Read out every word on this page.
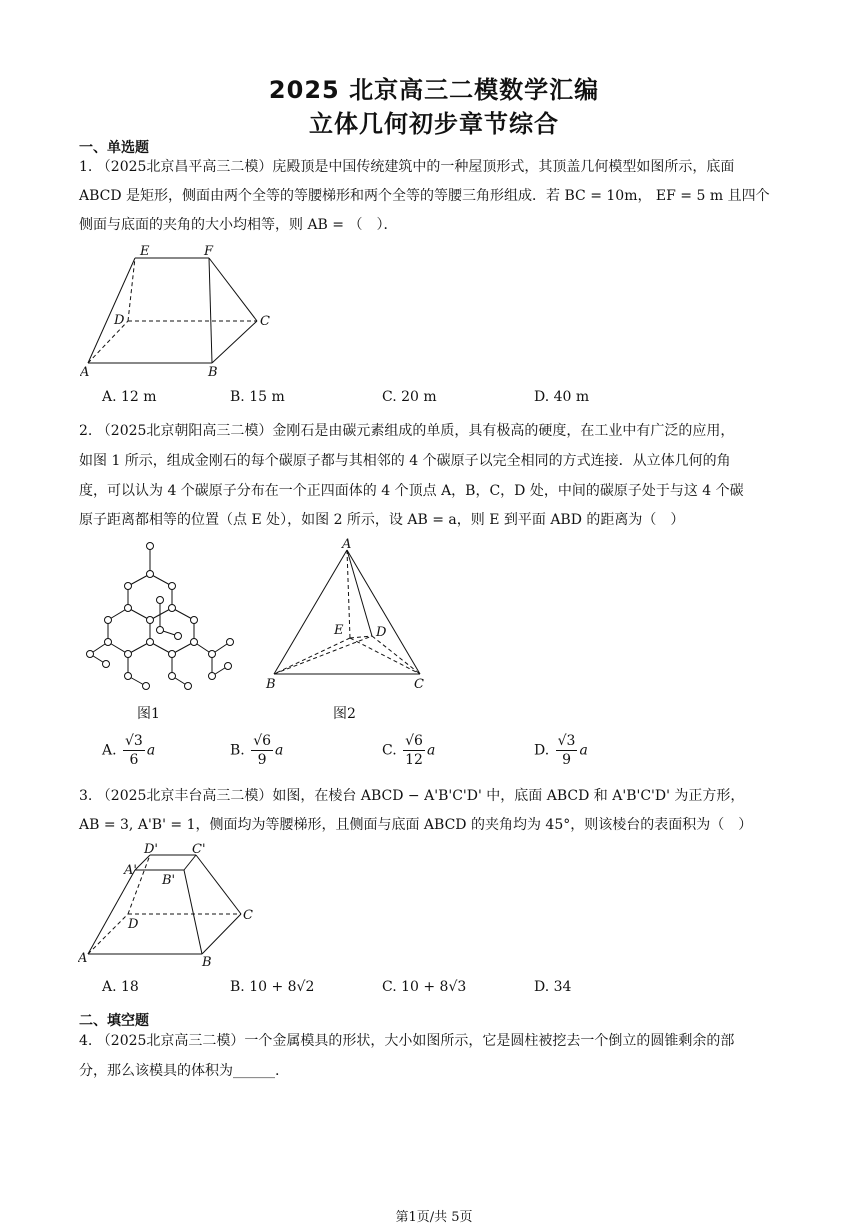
2025 北京高三二模数学汇编
立体几何初步章节综合
一、单选题
1. （2025北京昌平高三二模）庑殿顶是中国传统建筑中的一种屋顶形式，其顶盖几何模型如图所示，底面
ABCD 是矩形，侧面由两个全等的等腰梯形和两个全等的等腰三角形组成．若 BC = 10m， EF = 5 m 且四个
侧面与底面的夹角的大小均相等，则 AB = （　）．
E	F
D	C
A	B
A. 12 m	B. 15 m	C. 20 m	D. 40 m
2. （2025北京朝阳高三二模）金刚石是由碳元素组成的单质，具有极高的硬度，在工业中有广泛的应用，
如图 1 所示，组成金刚石的每个碳原子都与其相邻的 4 个碳原子以完全相同的方式连接．从立体几何的角
度，可以认为 4 个碳原子分布在一个正四面体的 4 个顶点 A，B，C，D 处，中间的碳原子处于与这 4 个碳
原子距离都相等的位置（点 E 处），如图 2 所示，设 AB = a，则 E 到平面 ABD 的距离为（　）
A
B	C
D
E
图1	图2
A. $\frac{√3}{6}$ a	B. $\frac{√6}{9}$ a	C. $\frac{√6}{12}$ a	D. $\frac{√3}{9}$ a
3. （2025北京丰台高三二模）如图，在棱台 ABCD − A'B'C'D' 中，底面 ABCD 和 A'B'C'D' 为正方形，
AB = 3, A'B' = 1，侧面均为等腰梯形，且侧面与底面 ABCD 的夹角均为 45°，则该棱台的表面积为（　）
D'	C'
A'
B'
D
C
A	B
A. 18	B. 10 + 8√2	C. 10 + 8√3	D. 34
二、填空题
4. （2025北京高三二模）一个金属模具的形状，大小如图所示，它是圆柱被挖去一个倒立的圆锥剩余的部
分，那么该模具的体积为______.
第1页/共 5页
